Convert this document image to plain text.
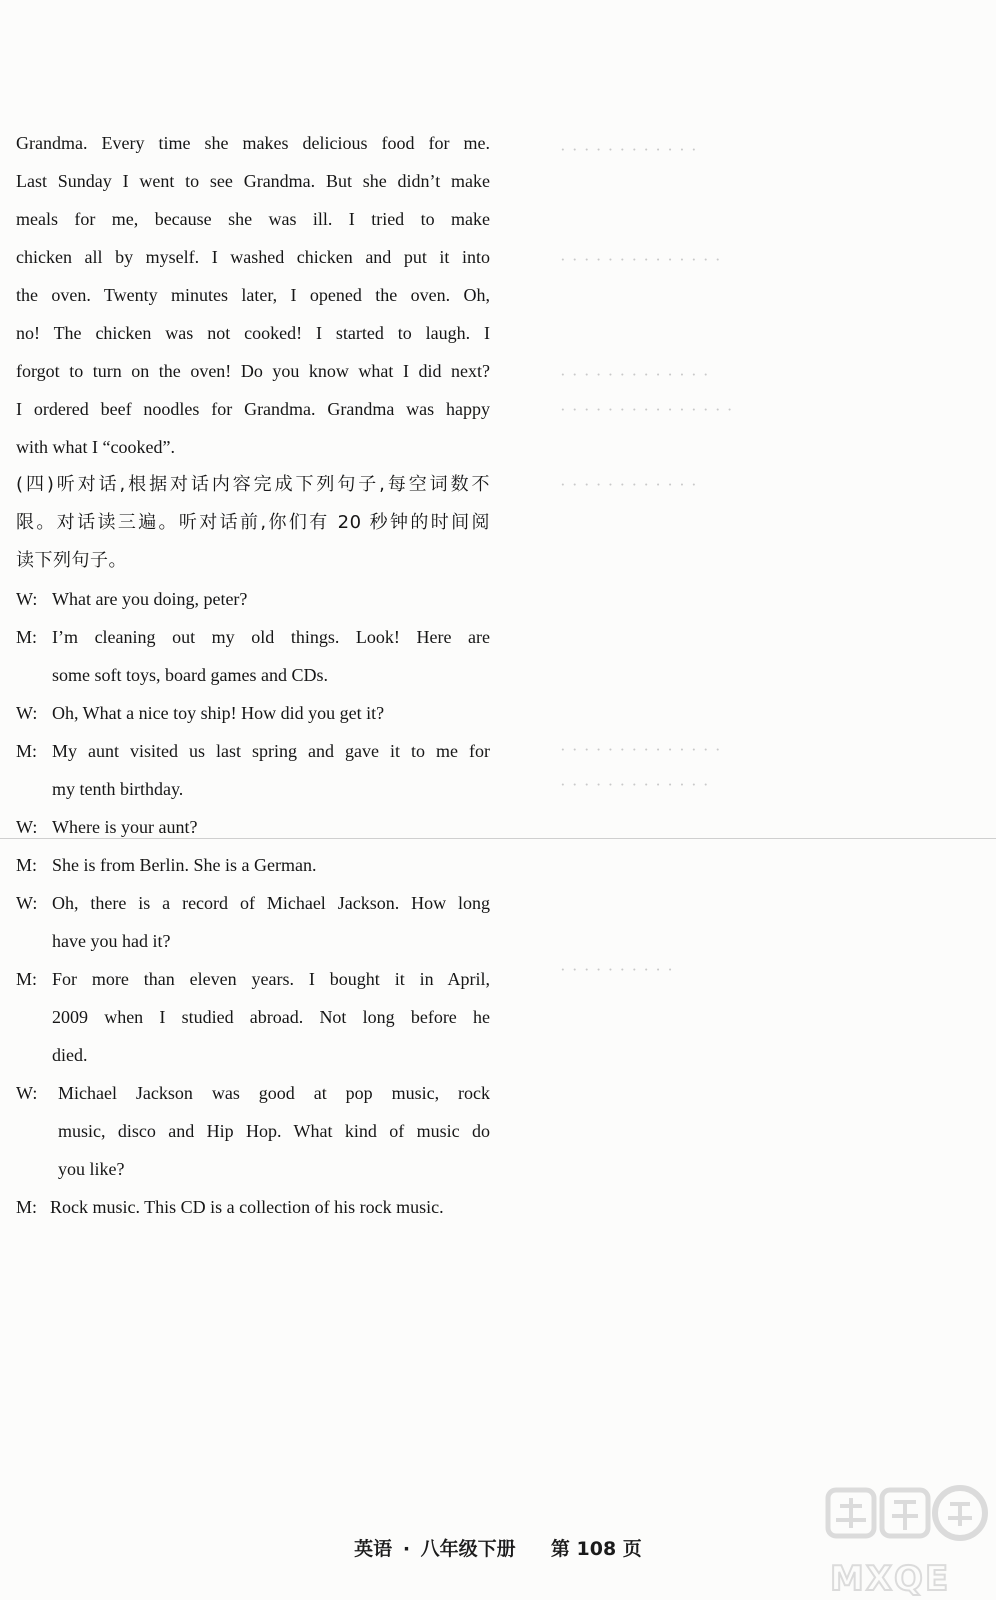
· · · · · · · · · · · ·
· · · · · · · · · · · · · ·
· · · · · · · · · · · · ·
· · · · · · · · · · · · · · ·
· · · · · · · · · · · ·
· · · · · · · · · · · · · ·
· · · · · · · · · · · · ·
· · · · · · · · · ·

Grandma. Every time she makes delicious food for me.
Last Sunday I went to see Grandma. But she didn’t make
meals for me, because she was ill. I tried to make
chicken all by myself. I washed chicken and put it into
the oven. Twenty minutes later, I opened the oven. Oh,
no! The chicken was not cooked! I started to laugh. I
forgot to turn on the oven! Do you know what I did next?
I ordered beef noodles for Grandma. Grandma was happy
with what I “cooked”.

(四)听对话,根据对话内容完成下列句子,每空词数不
限。对话读三遍。听对话前,你们有 20 秒钟的时间阅
读下列句子。

W: What are you doing, peter?

M: I’m cleaning out my old things. Look! Here are
some soft toys, board games and CDs.

W: Oh, What a nice toy ship! How did you get it?

M: My aunt visited us last spring and gave it to me for
my tenth birthday.

W: Where is your aunt?

M: She is from Berlin. She is a German.

W: Oh, there is a record of Michael Jackson. How long
have you had it?

M: For more than eleven years. I bought it in April,
2009 when I studied abroad. Not long before he
died.

W: Michael Jackson was good at pop music, rock
music, disco and Hip Hop. What kind of music do
you like?

M: Rock music. This CD is a collection of his rock music.

英语 · 八年级下册 第 108 页
MXQE
